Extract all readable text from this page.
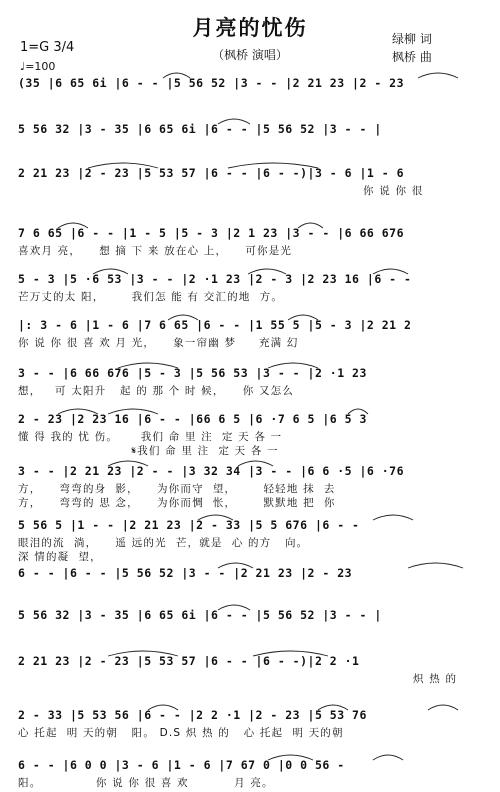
月亮的忧伤
（枫桥 演唱）
1=G 3/4
♩=100
绿柳 词
枫桥 曲
(35 |6 65 6i |6 - - |5 56 52 |3 - - |2 21 23 |2 - 23
5 56 32 |3 - 35 |6 65 6i |6 - - |5 56 52 |3 - - |
2 21 23 |2 - 23 |5 53 57 |6 - - |6 - -)|3 - 6 |1 - 6
你 说 你 很
7 6 65 |6 - - |1 - 5 |5 - 3 |2 1 23 |3 - - |6 66 676
喜欢月 亮，    想 摘 下 来 放在心 上，    可你是光
5 - 3 |5 ·6 53 |3 - - |2 ·1 23 |2 - 3 |2 23 16 |6 - -
芒万丈的太 阳，      我们怎 能 有 交汇的地  方。
|: 3 - 6 |1 - 6 |7 6 65 |6 - - |1 55 5 |5 - 3 |2 21 2
你 说 你 很 喜 欢 月 光，    象一帘幽 梦     充满 幻
3 - - |6 66 676 |5 - 3 |5 56 53 |3 - - |2 ·1 23
想，   可 太阳升   起 的 那 个 时 候，    你 又怎么
2 - 23 |2 23 16 |6 - - |66 6 5 |6 ·7 6 5 |6 5 3
懂 得 我的 忧 伤。     我们 命 里 注  定 天 各 一
𝄋我们 命 里 注  定 天 各 一
3 - - |2 21 23 |2 - - |3 32 34 |3 - - |6 6 ·5 |6 ·76
方，    弯弯的身  影，    为你而守  望，      轻轻地 抹  去
方，    弯弯的 思 念，    为你而惆  怅，      默默地 把  你
5 56 5 |1 - - |2 21 23 |2 - 33 |5 5 676 |6 - -
眼泪的流  淌，    遥 远的光  芒，就是  心 的方   向。
深 情的凝  望，
6 - - |6 - - |5 56 52 |3 - - |2 21 23 |2 - 23
5 56 32 |3 - 35 |6 65 6i |6 - - |5 56 52 |3 - - |
2 21 23 |2 - 23 |5 53 57 |6 - - |6 - -)|2 2 ·1
炽 热 的
2 - 33 |5 53 56 |6 - - |2 2 ·1 |2 - 23 |5 53 76
心 托起  明 天的朝   阳。 D.S 炽 热 的   心 托起  明 天的朝
6 - - |6 0 0 |3 - 6 |1 - 6 |7 67 0 |0 0 56 -
阳。            你 说 你 很 喜 欢          月 亮。
